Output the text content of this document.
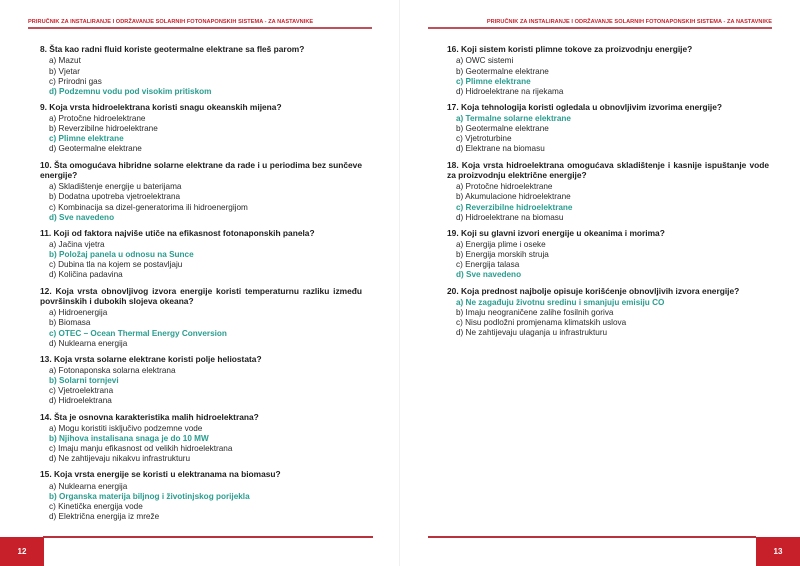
PRIRUČNIK ZA INSTALIRANJE I ODRŽAVANJE SOLARNIH FOTONAPONSKIH SISTEMA - ZA NASTAVNIKE
8. Šta kao radni fluid koriste geotermalne elektrane sa fleš parom?
a) Mazut
b) Vjetar
c) Prirodni gas
d) Podzemnu vodu pod visokim pritiskom
9. Koja vrsta hidroelektrana koristi snagu okeanskih mijena?
a) Protočne hidroelektrane
b) Reverzibilne hidroelektrane
c) Plimne elektrane
d) Geotermalne elektrane
10. Šta omogućava hibridne solarne elektrane da rade i u periodima bez sunčeve energije?
a) Skladištenje energije u baterijama
b) Dodatna upotreba vjetroelektrana
c) Kombinacija sa dizel-generatorima ili hidroenergijom
d) Sve navedeno
11. Koji od faktora najviše utiče na efikasnost fotonaponskih panela?
a) Jačina vjetra
b) Položaj panela u odnosu na Sunce
c) Dubina tla na kojem se postavljaju
d) Količina padavina
12. Koja vrsta obnovljivog izvora energije koristi temperaturnu razliku između površinskih i dubokih slojeva okeana?
a) Hidroenergija
b) Biomasa
c) OTEC – Ocean Thermal Energy Conversion
d) Nuklearna energija
13. Koja vrsta solarne elektrane koristi polje heliostata?
a) Fotonaponska solarna elektrana
b) Solarni tornjevi
c) Vjetroelektrana
d) Hidroelektrana
14. Šta je osnovna karakteristika malih hidroelektrana?
a) Mogu koristiti isključivo podzemne vode
b) Njihova instalisana snaga je do 10 MW
c) Imaju manju efikasnost od velikih hidroelektrana
d) Ne zahtijevaju nikakvu infrastrukturu
15. Koja vrsta energije se koristi u elektranama na biomasu?
a) Nuklearna energija
b) Organska materija biljnog i životinjskog porijekla
c) Kinetička energija vode
d) Električna energija iz mreže
12
PRIRUČNIK ZA INSTALIRANJE I ODRŽAVANJE SOLARNIH FOTONAPONSKIH SISTEMA - ZA NASTAVNIKE
16. Koji sistem koristi plimne tokove za proizvodnju energije?
a) OWC sistemi
b) Geotermalne elektrane
c) Plimne elektrane
d) Hidroelektrane na rijekama
17. Koja tehnologija koristi ogledala u obnovljivim izvorima energije?
a) Termalne solarne elektrane
b) Geotermalne elektrane
c) Vjetroturbine
d) Elektrane na biomasu
18. Koja vrsta hidroelektrana omogućava skladištenje i kasnije ispuštanje vode za proizvodnju električne energije?
a) Protočne hidroelektrane
b) Akumulacione hidroelektrane
c) Reverzibilne hidroelektrane
d) Hidroelektrane na biomasu
19. Koji su glavni izvori energije u okeanima i morima?
a) Energija plime i oseke
b) Energija morskih struja
c) Energija talasa
d) Sve navedeno
20. Koja prednost najbolje opisuje korišćenje obnovljivih izvora energije?
a) Ne zagađuju životnu sredinu i smanjuju emisiju CO
b) Imaju neograničene zalihe fosilnih goriva
c) Nisu podložni promjenama klimatskih uslova
d) Ne zahtijevaju ulaganja u infrastrukturu
13
